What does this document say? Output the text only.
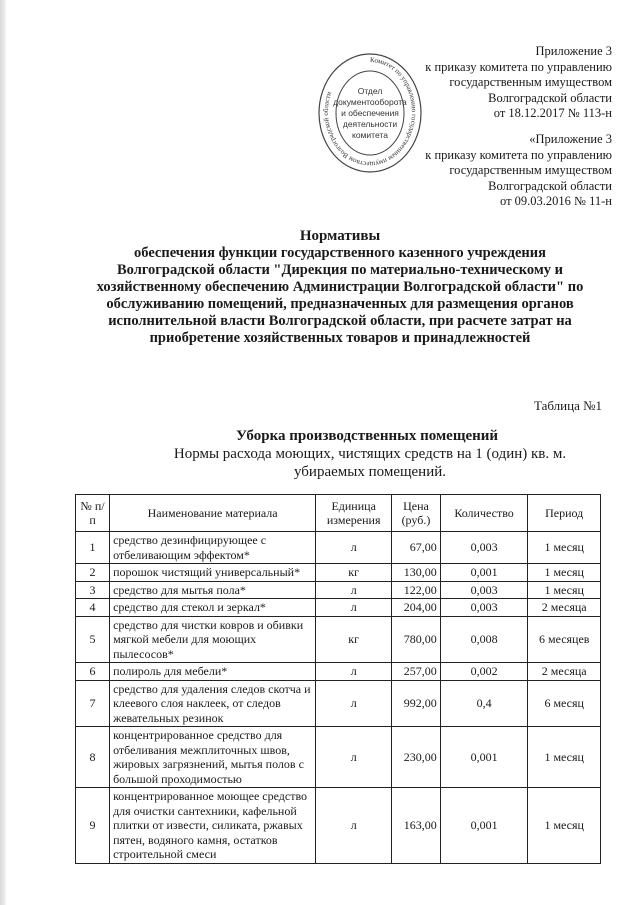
Приложение 3
к приказу комитета по управлению
государственным имуществом
Волгоградской области
от 18.12.2017 № 113-н
«Приложение 3
к приказу комитета по управлению
государственным имуществом
Волгоградской области
от 09.03.2016 № 11-н
Комитет по управлению государственным имуществом Волгоградской области	Отдел
документооборота
и обеспечения
деятельности
комитета
Нормативы
обеспечения функции государственного казенного учреждения
Волгоградской области "Дирекция по материально-техническому и
хозяйственному обеспечению Администрации Волгоградской области" по
обслуживанию помещений, предназначенных для размещения органов
исполнительной власти Волгоградской области, при расчете затрат на
приобретение хозяйственных товаров и принадлежностей
Таблица №1
Уборка производственных помещений
Нормы расхода моющих, чистящих средств на 1 (один) кв. м.
убираемых помещений.
№ п/п	Наименование материала	Единица измерения	Цена (руб.)	Количество	Период
1	средство дезинфицирующее с отбеливающим эффектом*	л	67,00	0,003	1 месяц
2	порошок чистящий универсальный*	кг	130,00	0,001	1 месяц
3	средство для мытья пола*	л	122,00	0,003	1 месяц
4	средство для стекол и зеркал*	л	204,00	0,003	2 месяца
5	средство для чистки ковров и обивки мягкой мебели для моющих пылесосов*	кг	780,00	0,008	6 месяцев
6	полироль для мебели*	л	257,00	0,002	2 месяца
7	средство для удаления следов скотча и клеевого слоя наклеек, от следов жевательных резинок	л	992,00	0,4	6 месяц
8	концентрированное средство для отбеливания межплиточных швов, жировых загрязнений, мытья полов с большой проходимостью	л	230,00	0,001	1 месяц
9	концентрированное моющее средство для очистки сантехники, кафельной плитки от извести, силиката, ржавых пятен, водяного камня, остатков строительной смеси	л	163,00	0,001	1 месяц
